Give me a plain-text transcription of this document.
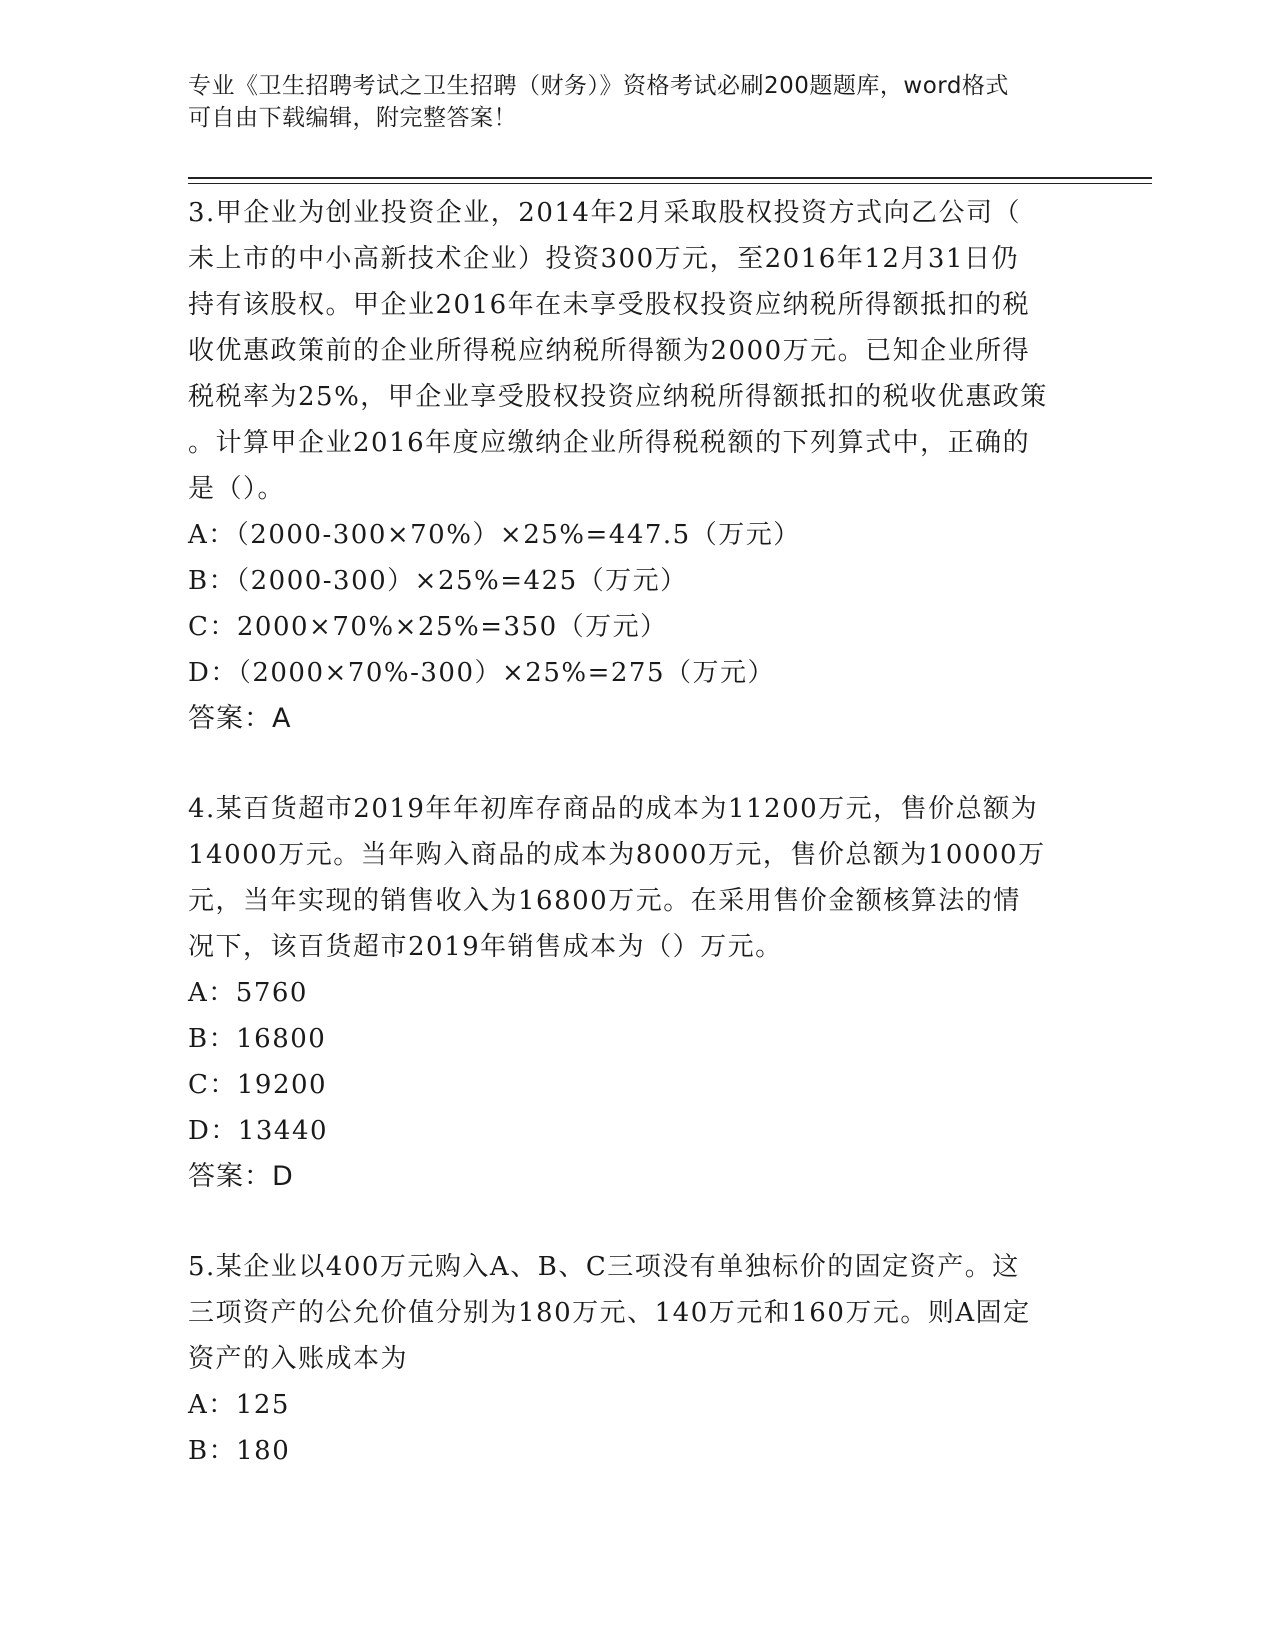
专业《卫生招聘考试之卫生招聘（财务）》资格考试必刷200题题库，word格式

可自由下载编辑，附完整答案！

3.甲企业为创业投资企业，2014年2月采取股权投资方式向乙公司（
未上市的中小高新技术企业）投资300万元，至2016年12月31日仍
持有该股权。甲企业2016年在未享受股权投资应纳税所得额抵扣的税
收优惠政策前的企业所得税应纳税所得额为2000万元。已知企业所得
税税率为25%，甲企业享受股权投资应纳税所得额抵扣的税收优惠政策
。计算甲企业2016年度应缴纳企业所得税税额的下列算式中，正确的
是（）。

A：（2000-300×70%）×25%=447.5（万元）

B：（2000-300）×25%=425（万元）

C：2000×70%×25%=350（万元）

D：（2000×70%-300）×25%=275（万元）

答案：A

4.某百货超市2019年年初库存商品的成本为11200万元，售价总额为
14000万元。当年购入商品的成本为8000万元，售价总额为10000万
元，当年实现的销售收入为16800万元。在采用售价金额核算法的情
况下，该百货超市2019年销售成本为（）万元。

A：5760

B：16800

C：19200

D：13440

答案：D

5.某企业以400万元购入A、B、C三项没有单独标价的固定资产。这
三项资产的公允价值分别为180万元、140万元和160万元。则A固定
资产的入账成本为

A：125

B：180
